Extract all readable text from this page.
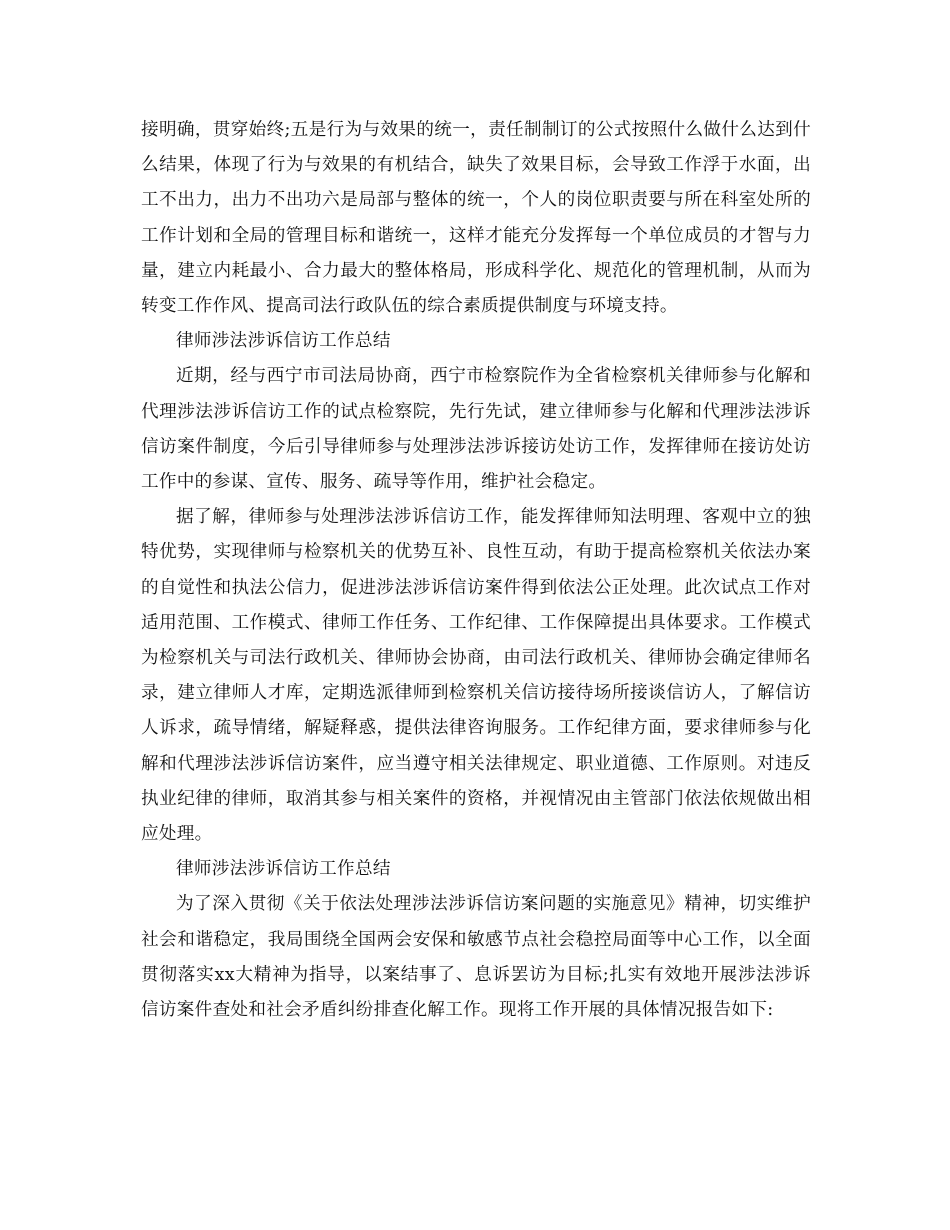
接明确，贯穿始终;五是行为与效果的统一，责任制制订的公式按照什么做什么达到什么结果，体现了行为与效果的有机结合，缺失了效果目标，会导致工作浮于水面，出工不出力，出力不出功六是局部与整体的统一，个人的岗位职责要与所在科室处所的工作计划和全局的管理目标和谐统一，这样才能充分发挥每一个单位成员的才智与力量，建立内耗最小、合力最大的整体格局，形成科学化、规范化的管理机制，从而为转变工作作风、提高司法行政队伍的综合素质提供制度与环境支持。

律师涉法涉诉信访工作总结

近期，经与西宁市司法局协商，西宁市检察院作为全省检察机关律师参与化解和代理涉法涉诉信访工作的试点检察院，先行先试，建立律师参与化解和代理涉法涉诉信访案件制度，今后引导律师参与处理涉法涉诉接访处访工作，发挥律师在接访处访工作中的参谋、宣传、服务、疏导等作用，维护社会稳定。

据了解，律师参与处理涉法涉诉信访工作，能发挥律师知法明理、客观中立的独特优势，实现律师与检察机关的优势互补、良性互动，有助于提高检察机关依法办案的自觉性和执法公信力，促进涉法涉诉信访案件得到依法公正处理。此次试点工作对适用范围、工作模式、律师工作任务、工作纪律、工作保障提出具体要求。工作模式为检察机关与司法行政机关、律师协会协商，由司法行政机关、律师协会确定律师名录，建立律师人才库，定期选派律师到检察机关信访接待场所接谈信访人，了解信访人诉求，疏导情绪，解疑释惑，提供法律咨询服务。工作纪律方面，要求律师参与化解和代理涉法涉诉信访案件，应当遵守相关法律规定、职业道德、工作原则。对违反执业纪律的律师，取消其参与相关案件的资格，并视情况由主管部门依法依规做出相应处理。

律师涉法涉诉信访工作总结

为了深入贯彻《关于依法处理涉法涉诉信访案问题的实施意见》精神，切实维护社会和谐稳定，我局围绕全国两会安保和敏感节点社会稳控局面等中心工作，以全面贯彻落实xx大精神为指导，以案结事了、息诉罢访为目标;扎实有效地开展涉法涉诉信访案件查处和社会矛盾纠纷排查化解工作。现将工作开展的具体情况报告如下:
